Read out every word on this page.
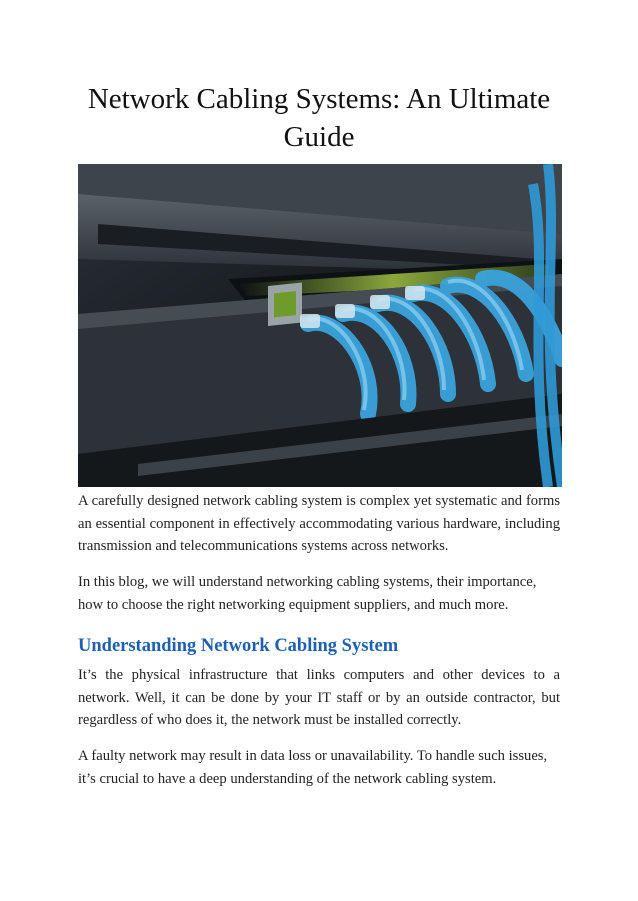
Network Cabling Systems: An Ultimate Guide

A carefully designed network cabling system is complex yet systematic and forms an essential component in effectively accommodating various hardware, including transmission and telecommunications systems across networks.

In this blog, we will understand networking cabling systems, their importance, how to choose the right networking equipment suppliers, and much more.

Understanding Network Cabling System

It’s the physical infrastructure that links computers and other devices to a network. Well, it can be done by your IT staff or by an outside contractor, but regardless of who does it, the network must be installed correctly.

A faulty network may result in data loss or unavailability. To handle such issues, it’s crucial to have a deep understanding of the network cabling system.
